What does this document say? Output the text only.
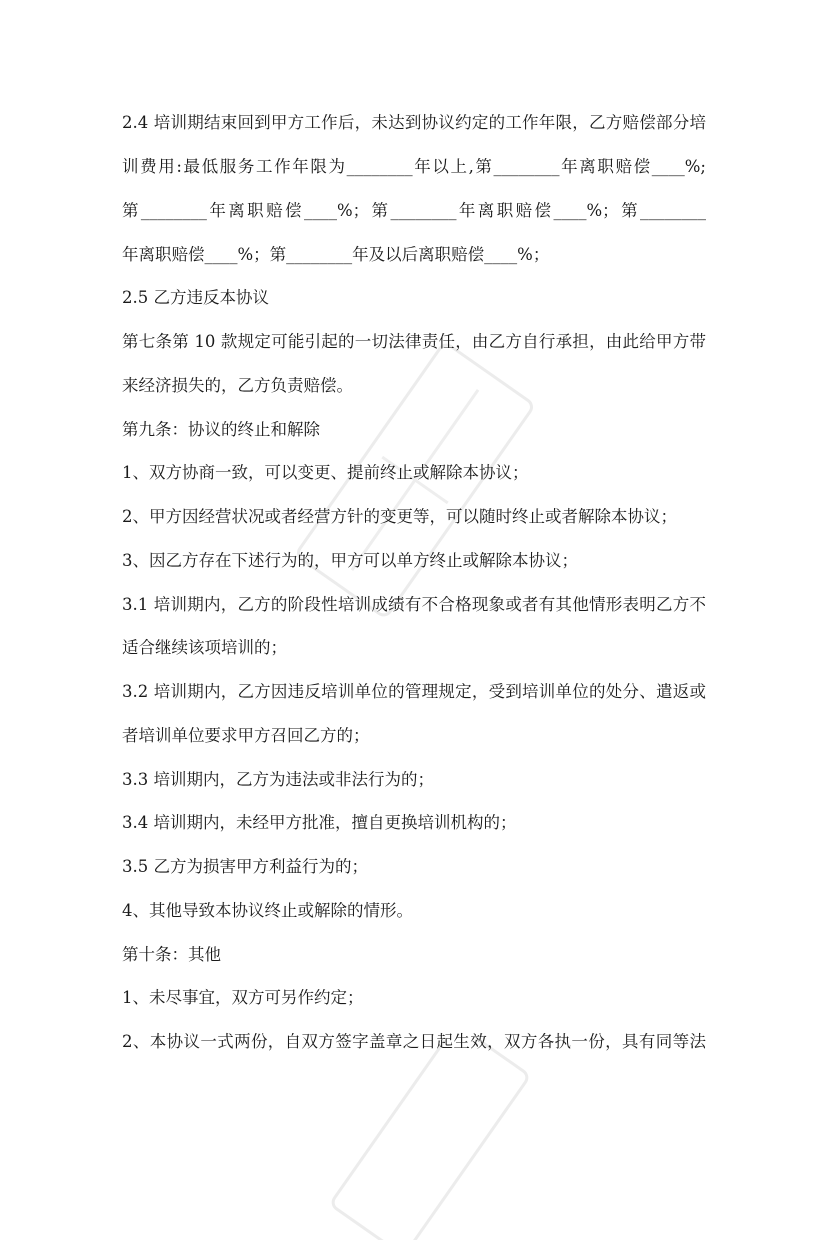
2.4 培训期结束回到甲方工作后，未达到协议约定的工作年限，乙方赔偿部分培
训费用:最低服务工作年限为________年以上,第________年离职赔偿____%;
第________年离职赔偿____%；第________年离职赔偿____%；第________
年离职赔偿____%；第________年及以后离职赔偿____%；
2.5 乙方违反本协议
第七条第 10 款规定可能引起的一切法律责任，由乙方自行承担，由此给甲方带
来经济损失的，乙方负责赔偿。
第九条：协议的终止和解除
1、双方协商一致，可以变更、提前终止或解除本协议；
2、甲方因经营状况或者经营方针的变更等，可以随时终止或者解除本协议；
3、因乙方存在下述行为的，甲方可以单方终止或解除本协议；
3.1 培训期内，乙方的阶段性培训成绩有不合格现象或者有其他情形表明乙方不
适合继续该项培训的；
3.2 培训期内，乙方因违反培训单位的管理规定，受到培训单位的处分、遣返或
者培训单位要求甲方召回乙方的；
3.3 培训期内，乙方为违法或非法行为的；
3.4 培训期内，未经甲方批准，擅自更换培训机构的；
3.5 乙方为损害甲方利益行为的；
4、其他导致本协议终止或解除的情形。
第十条：其他
1、未尽事宜，双方可另作约定；
2、本协议一式两份，自双方签字盖章之日起生效，双方各执一份，具有同等法
